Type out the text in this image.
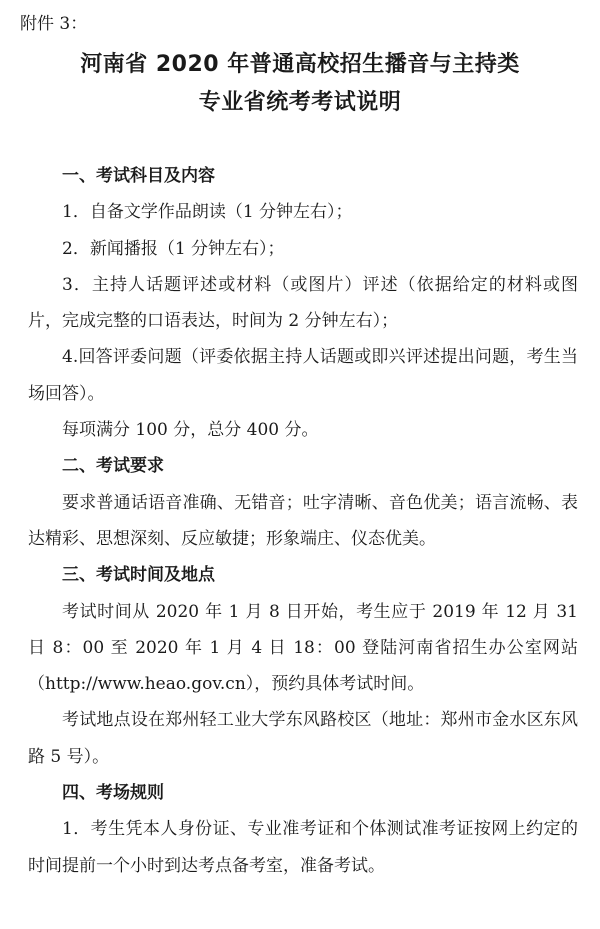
附件 3：
河南省 2020 年普通高校招生播音与主持类
专业省统考考试说明

一、考试科目及内容

1．自备文学作品朗读（1 分钟左右）；

2．新闻播报（1 分钟左右）；

3．主持人话题评述或材料（或图片）评述（依据给定的材料或图片，完成完整的口语表达，时间为 2 分钟左右）；

4.回答评委问题（评委依据主持人话题或即兴评述提出问题，考生当场回答）。

每项满分 100 分，总分 400 分。

二、考试要求

要求普通话语音准确、无错音；吐字清晰、音色优美；语言流畅、表达精彩、思想深刻、反应敏捷；形象端庄、仪态优美。

三、考试时间及地点

考试时间从 2020 年 1 月 8 日开始，考生应于 2019 年 12 月 31 日 8：00 至 2020 年 1 月 4 日 18：00 登陆河南省招生办公室网站（http://www.heao.gov.cn），预约具体考试时间。

考试地点设在郑州轻工业大学东风路校区（地址：郑州市金水区东风路 5 号）。

四、考场规则

1．考生凭本人身份证、专业准考证和个体测试准考证按网上约定的时间提前一个小时到达考点备考室，准备考试。
